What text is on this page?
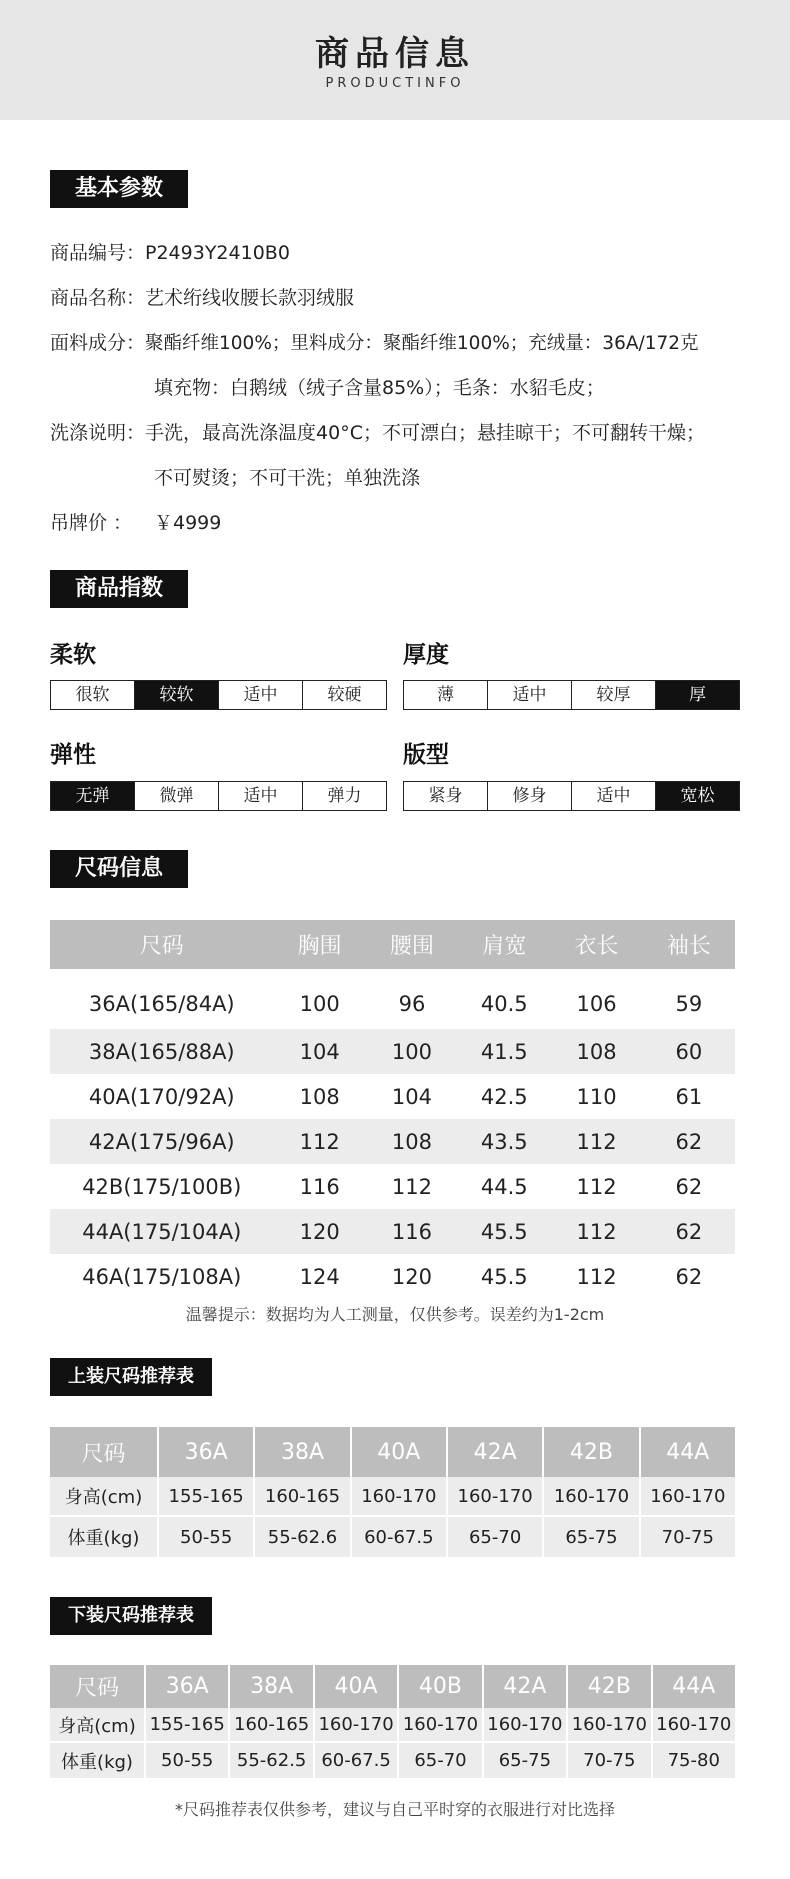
商品信息
PRODUCTINFO
基本参数
商品编号：P2493Y2410B0
商品名称：艺术绗线收腰长款羽绒服
面料成分：聚酯纤维100%；里料成分：聚酯纤维100%；充绒量：36A/172克
填充物：白鹅绒（绒子含量85%）；毛条：水貂毛皮；
洗涤说明：手洗，最高洗涤温度40°C；不可漂白；悬挂晾干；不可翻转干燥；
不可熨烫；不可干洗；单独洗涤
吊牌价 ： ￥4999
商品指数
柔软
很软	较软	适中	较硬
厚度
薄	适中	较厚	厚
弹性
无弹	微弹	适中	弹力
版型
紧身	修身	适中	宽松
尺码信息
尺码	胸围	腰围	肩宽	衣长	袖长
36A(165/84A)	100	96	40.5	106	59
38A(165/88A)	104	100	41.5	108	60
40A(170/92A)	108	104	42.5	110	61
42A(175/96A)	112	108	43.5	112	62
42B(175/100B)	116	112	44.5	112	62
44A(175/104A)	120	116	45.5	112	62
46A(175/108A)	124	120	45.5	112	62
温馨提示：数据均为人工测量，仅供参考。误差约为1-2cm
上装尺码推荐表
尺码	36A	38A	40A	42A	42B	44A
身高(cm)	155-165	160-165	160-170	160-170	160-170	160-170
体重(kg)	50-55	55-62.6	60-67.5	65-70	65-75	70-75
下装尺码推荐表
尺码	36A	38A	40A	40B	42A	42B	44A
身高(cm)	155-165	160-165	160-170	160-170	160-170	160-170	160-170
体重(kg)	50-55	55-62.5	60-67.5	65-70	65-75	70-75	75-80
*尺码推荐表仅供参考，建议与自己平时穿的衣服进行对比选择
